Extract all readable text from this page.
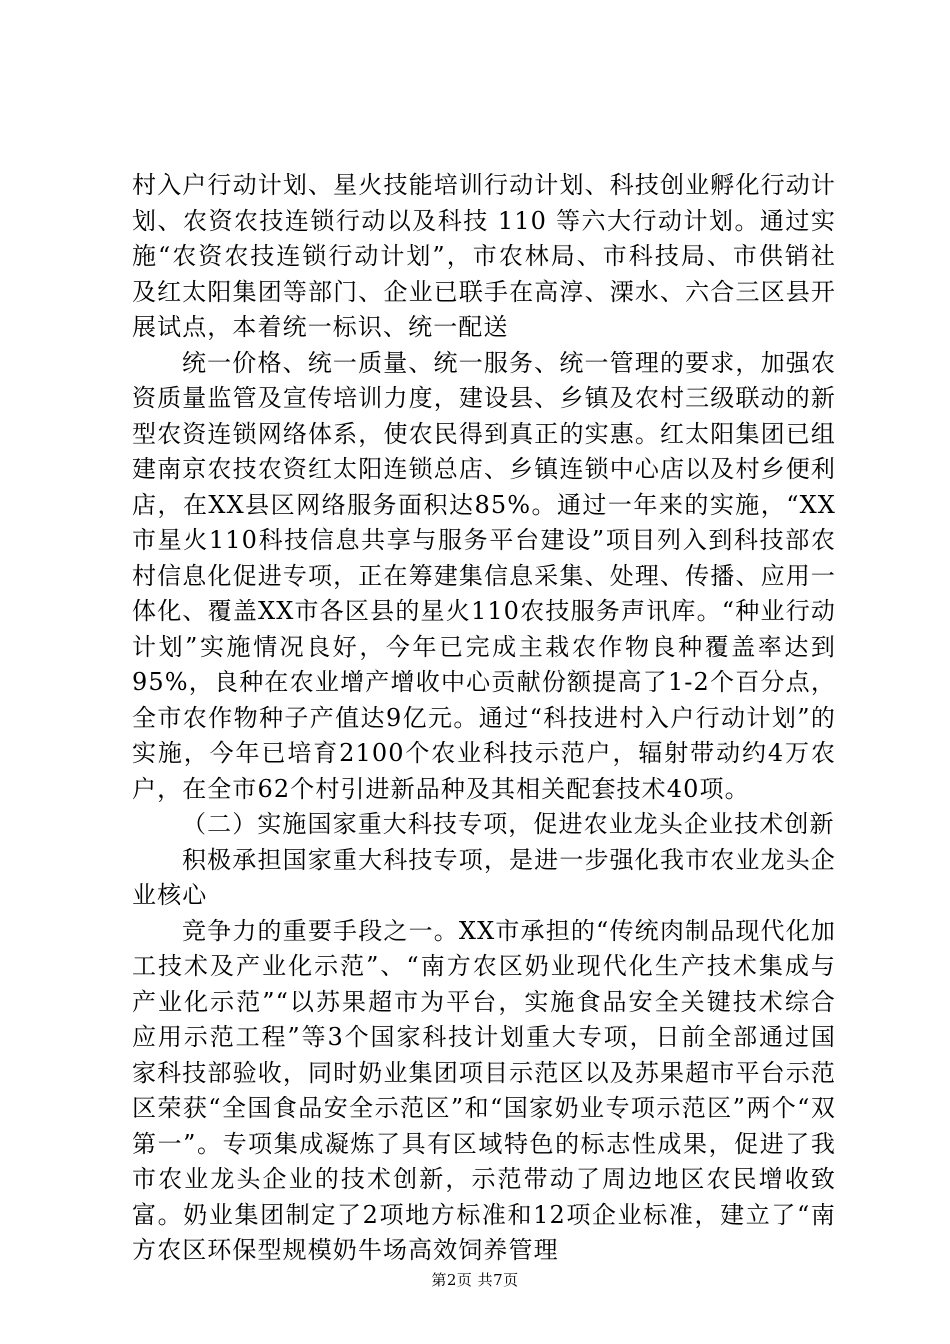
村入户行动计划、星火技能培训行动计划、科技创业孵化行动计划、农资农技连锁行动以及科技 110 等六大行动计划。通过实施“农资农技连锁行动计划”，市农林局、市科技局、市供销社及红太阳集团等部门、企业已联手在高淳、溧水、六合三区县开展试点，本着统一标识、统一配送

统一价格、统一质量、统一服务、统一管理的要求，加强农资质量监管及宣传培训力度，建设县、乡镇及农村三级联动的新型农资连锁网络体系，使农民得到真正的实惠。红太阳集团已组建南京农技农资红太阳连锁总店、乡镇连锁中心店以及村乡便利店，在XX县区网络服务面积达85%。通过一年来的实施，“XX市星火110科技信息共享与服务平台建设”项目列入到科技部农村信息化促进专项，正在筹建集信息采集、处理、传播、应用一体化、覆盖XX市各区县的星火110农技服务声讯库。“种业行动计划”实施情况良好，今年已完成主栽农作物良种覆盖率达到95%，良种在农业增产增收中心贡献份额提高了1-2个百分点，全市农作物种子产值达9亿元。通过“科技进村入户行动计划”的实施，今年已培育2100个农业科技示范户，辐射带动约4万农户，在全市62个村引进新品种及其相关配套技术40项。

（二）实施国家重大科技专项，促进农业龙头企业技术创新

积极承担国家重大科技专项，是进一步强化我市农业龙头企业核心

竞争力的重要手段之一。XX市承担的“传统肉制品现代化加工技术及产业化示范”、“南方农区奶业现代化生产技术集成与产业化示范”“以苏果超市为平台，实施食品安全关键技术综合应用示范工程”等3个国家科技计划重大专项，日前全部通过国家科技部验收，同时奶业集团项目示范区以及苏果超市平台示范区荣获“全国食品安全示范区”和“国家奶业专项示范区”两个“双第一”。专项集成凝炼了具有区域特色的标志性成果，促进了我市农业龙头企业的技术创新，示范带动了周边地区农民增收致富。奶业集团制定了2项地方标准和12项企业标准，建立了“南方农区环保型规模奶牛场高效饲养管理

第2页 共7页
